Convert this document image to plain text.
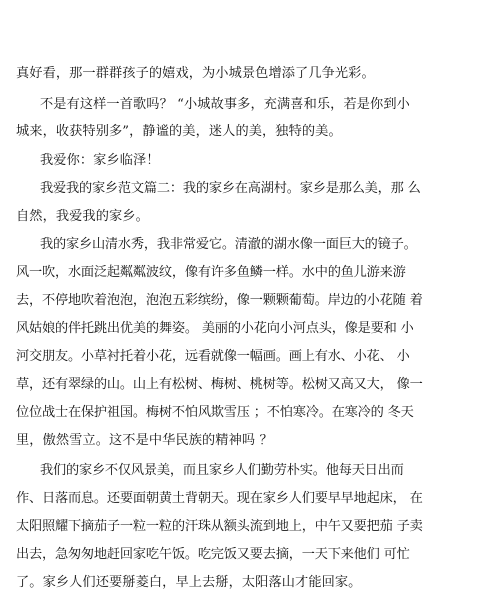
真好看，那一群群孩子的嬉戏，为小城景色增添了几争光彩。
不是有这样一首歌吗？ “小城故事多，充满喜和乐，若是你到小
城来，收获特别多”，静谧的美，迷人的美，独特的美。
我爱你：家乡临泽！
我爱我的家乡范文篇二：我的家乡在高湖村。家乡是那么美，那 么
自然，我爱我的家乡。
我的家乡山清水秀，我非常爱它。清澈的湖水像一面巨大的镜子。
风一吹，水面泛起粼粼波纹，像有许多鱼鳞一样。水中的鱼儿游来游
去，不停地吹着泡泡，泡泡五彩缤纷，像一颗颗葡萄。岸边的小花随 着
风姑娘的伴托跳出优美的舞姿。 美丽的小花向小河点头，像是要和 小
河交朋友。小草衬托着小花，远看就像一幅画。画上有水、小花、 小
草，还有翠绿的山。山上有松树、梅树、桃树等。松树又高又大， 像一
位位战士在保护祖国。梅树不怕风欺雪压 ；不怕寒冷。在寒冷的 冬天
里，傲然雪立。这不是中华民族的精神吗 ？
我们的家乡不仅风景美，而且家乡人们勤劳朴实。他每天日出而
作、日落而息。还要面朝黄土背朝天。现在家乡人们要早早地起床， 在
太阳照耀下摘茄子一粒一粒的汗珠从额头流到地上，中午又要把茄 子卖
出去，急匆匆地赶回家吃午饭。吃完饭又要去摘，一天下来他们 可忙
了。家乡人们还要掰菱白，早上去掰，太阳落山才能回家。
